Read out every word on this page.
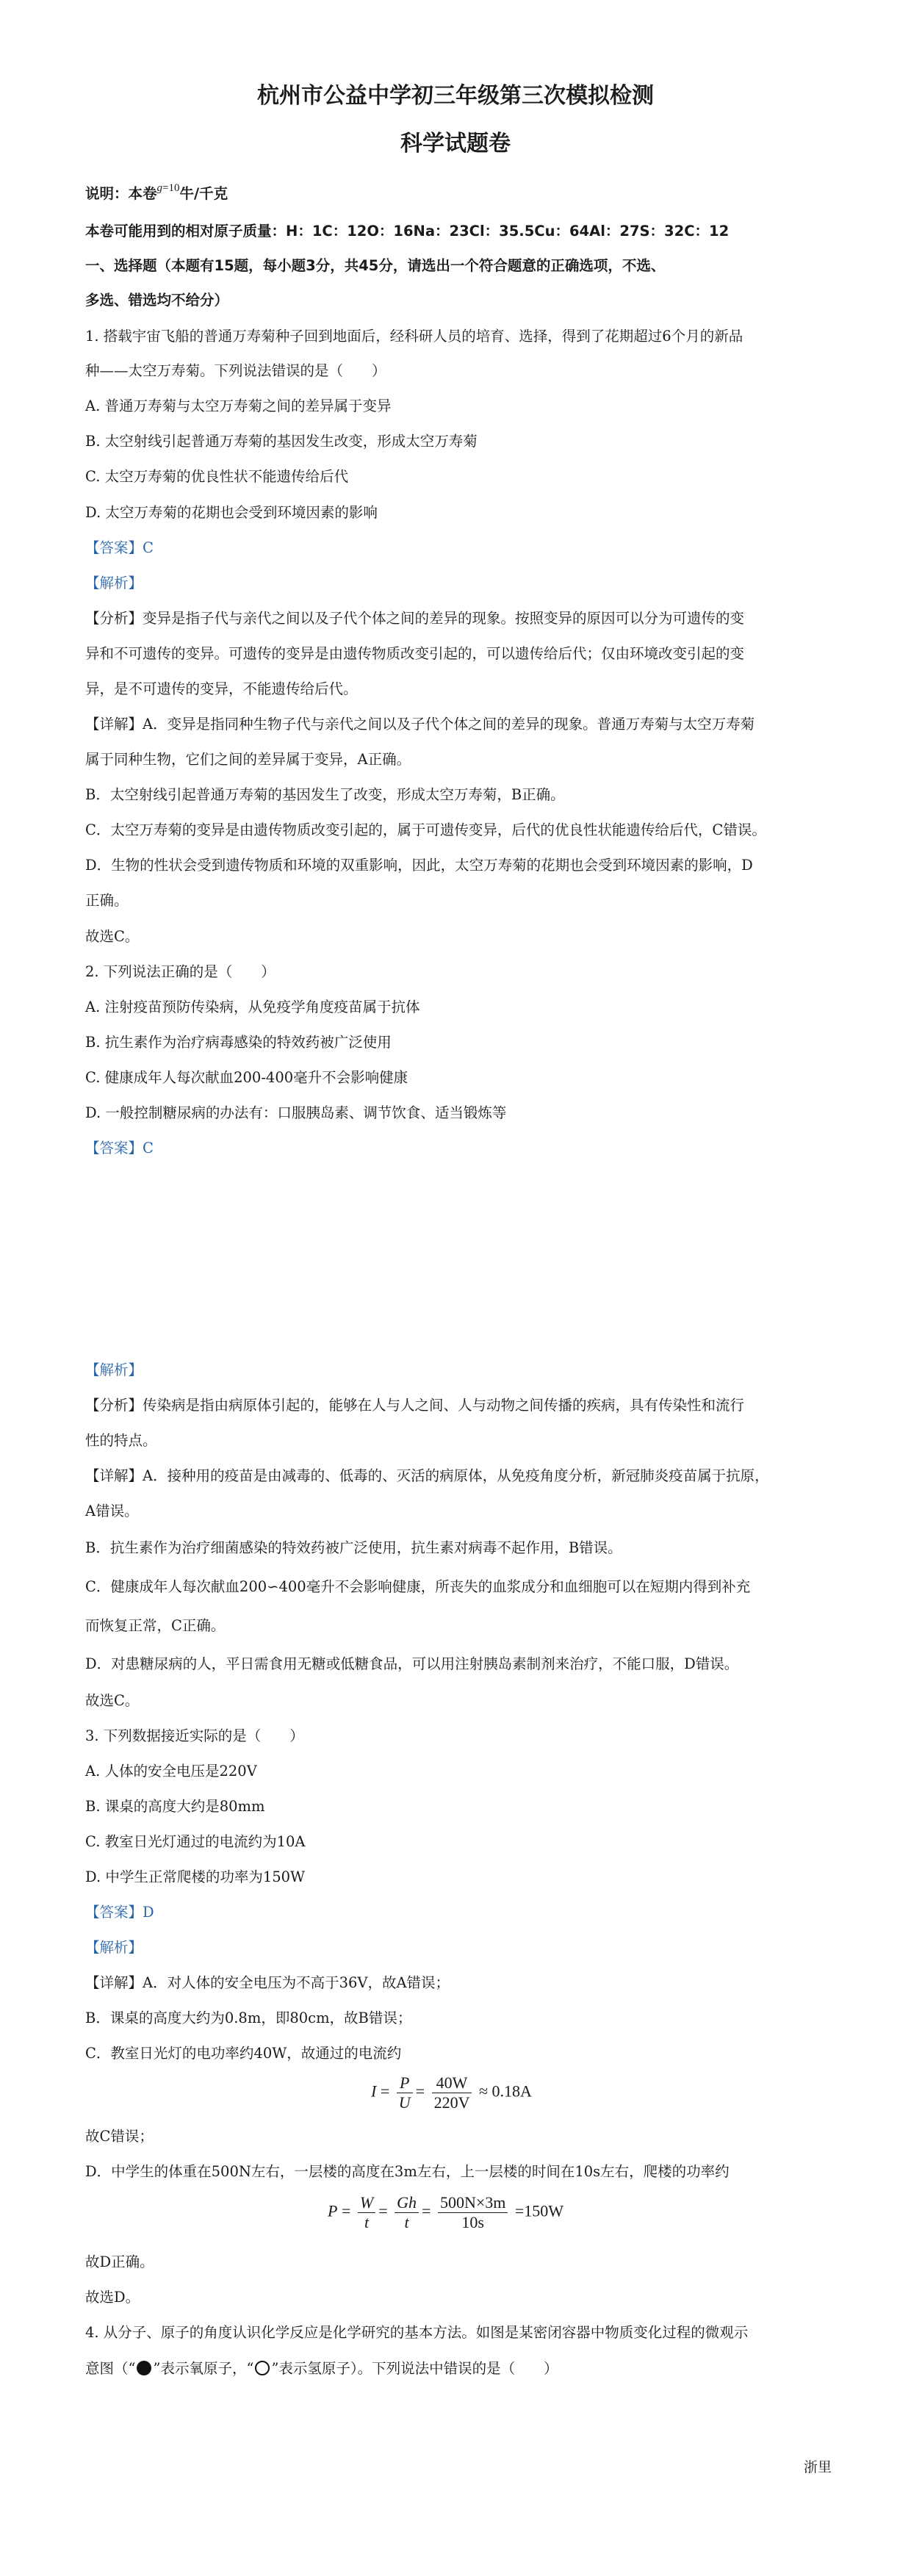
杭州市公益中学初三年级第三次模拟检测
科学试题卷
说明：本卷$^{g=10}$牛/千克
本卷可能用到的相对原子质量：H：1C：12O：16Na：23Cl：35.5Cu：64Al：27S：32C：12
一、选择题（本题有15题，每小题3分，共45分，请选出一个符合题意的正确选项，不选、
多选、错选均不给分）
1. 搭载宇宙飞船的普通万寿菊种子回到地面后，经科研人员的培育、选择，得到了花期超过6个月的新品
种——太空万寿菊。下列说法错误的是（　　）
A. 普通万寿菊与太空万寿菊之间的差异属于变异
B. 太空射线引起普通万寿菊的基因发生改变，形成太空万寿菊
C. 太空万寿菊的优良性状不能遗传给后代
D. 太空万寿菊的花期也会受到环境因素的影响
【答案】C
【解析】
【分析】变异是指子代与亲代之间以及子代个体之间的差异的现象。按照变异的原因可以分为可遗传的变
异和不可遗传的变异。可遗传的变异是由遗传物质改变引起的，可以遗传给后代；仅由环境改变引起的变
异，是不可遗传的变异，不能遗传给后代。
【详解】A．变异是指同种生物子代与亲代之间以及子代个体之间的差异的现象。普通万寿菊与太空万寿菊
属于同种生物，它们之间的差异属于变异，A正确。
B．太空射线引起普通万寿菊的基因发生了改变，形成太空万寿菊，B正确。
C．太空万寿菊的变异是由遗传物质改变引起的，属于可遗传变异，后代的优良性状能遗传给后代，C错误。
D．生物的性状会受到遗传物质和环境的双重影响，因此，太空万寿菊的花期也会受到环境因素的影响，D
正确。
故选C。
2. 下列说法正确的是（　　）
A. 注射疫苗预防传染病，从免疫学角度疫苗属于抗体
B. 抗生素作为治疗病毒感染的特效药被广泛使用
C. 健康成年人每次献血200-400毫升不会影响健康
D. 一般控制糖尿病的办法有：口服胰岛素、调节饮食、适当锻炼等
【答案】C
【解析】
【分析】传染病是指由病原体引起的，能够在人与人之间、人与动物之间传播的疾病，具有传染性和流行
性的特点。
【详解】A．接种用的疫苗是由减毒的、低毒的、灭活的病原体，从免疫角度分析，新冠肺炎疫苗属于抗原，
A错误。
B．抗生素作为治疗细菌感染的特效药被广泛使用，抗生素对病毒不起作用，B错误。
C．健康成年人每次献血200∽400毫升不会影响健康，所丧失的血浆成分和血细胞可以在短期内得到补充
而恢复正常，C正确。
D．对患糖尿病的人，平日需食用无糖或低糖食品，可以用注射胰岛素制剂来治疗，不能口服，D错误。
故选C。
3. 下列数据接近实际的是（　　）
A. 人体的安全电压是220V
B. 课桌的高度大约是80mm
C. 教室日光灯通过的电流约为10A
D. 中学生正常爬楼的功率为150W
【答案】D
【解析】
【详解】A．对人体的安全电压为不高于36V，故A错误；
B．课桌的高度大约为0.8m，即80cm，故B错误；
C．教室日光灯的电功率约40W，故通过的电流约
$I = \frac{P}{U} = \frac{40W}{220V} \approx 0.18A$
故C错误；
D．中学生的体重在500N左右，一层楼的高度在3m左右，上一层楼的时间在10s左右，爬楼的功率约
$P = \frac{W}{t} = \frac{Gh}{t} = \frac{500N\times 3m}{10s} =150W$
故D正确。
故选D。
4. 从分子、原子的角度认识化学反应是化学研究的基本方法。如图是某密闭容器中物质变化过程的微观示
意图（“ ”表示氧原子，“ ”表示氢原子）。下列说法中错误的是（　　）
浙里
